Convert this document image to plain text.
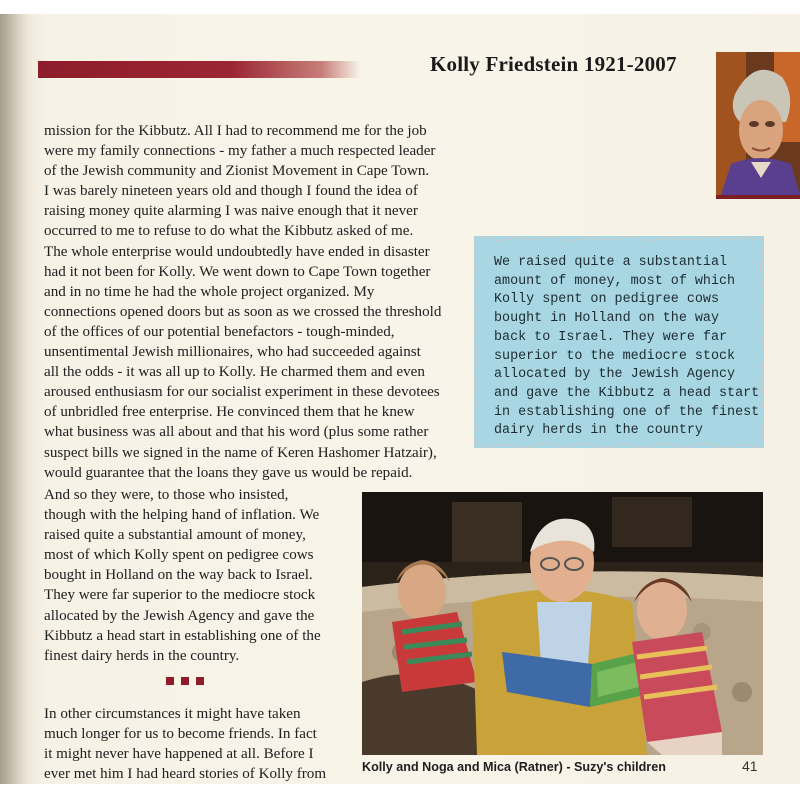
Kolly Friedstein 1921-2007
mission for the Kibbutz. All I had to recommend me for the job
were my family connections - my father a much respected leader
of the Jewish community and Zionist Movement in Cape Town.
I was barely nineteen years old and though I found the idea of
raising money quite alarming I was naive enough that it never
occurred to me to refuse to do what the Kibbutz asked of me.
The whole enterprise would undoubtedly have ended in disaster
had it not been for Kolly. We went down to Cape Town together
and in no time he had the whole project organized. My
connections opened doors but as soon as we crossed the threshold
of the offices of our potential benefactors - tough-minded,
unsentimental Jewish millionaires, who had succeeded against
all the odds - it was all up to Kolly. He charmed them and even
aroused enthusiasm for our socialist experiment in these devotees
of unbridled free enterprise. He convinced them that he knew
what business was all about and that his word (plus some rather
suspect bills we signed in the name of Keren Hashomer Hatzair),
would guarantee that the loans they gave us would be repaid.
And so they were, to those who insisted,
though with the helping hand of inflation. We
raised quite a substantial amount of money,
most of which Kolly spent on pedigree cows
bought in Holland on the way back to Israel.
They were far superior to the mediocre stock
allocated by the Jewish Agency and gave the
Kibbutz a head start in establishing one of the
finest dairy herds in the country.
In other circumstances it might have taken
much longer for us to become friends. In fact
it might never have happened at all. Before I
ever met him I had heard stories of Kolly from
We raised quite a substantial
amount of money, most of which
Kolly spent on pedigree cows
bought in Holland on the way
back to Israel. They were far
superior to the mediocre stock
allocated by the Jewish Agency
and gave the Kibbutz a head start
in establishing one of the finest
dairy herds in the country
Kolly and Noga and Mica (Ratner) - Suzy's children	41
